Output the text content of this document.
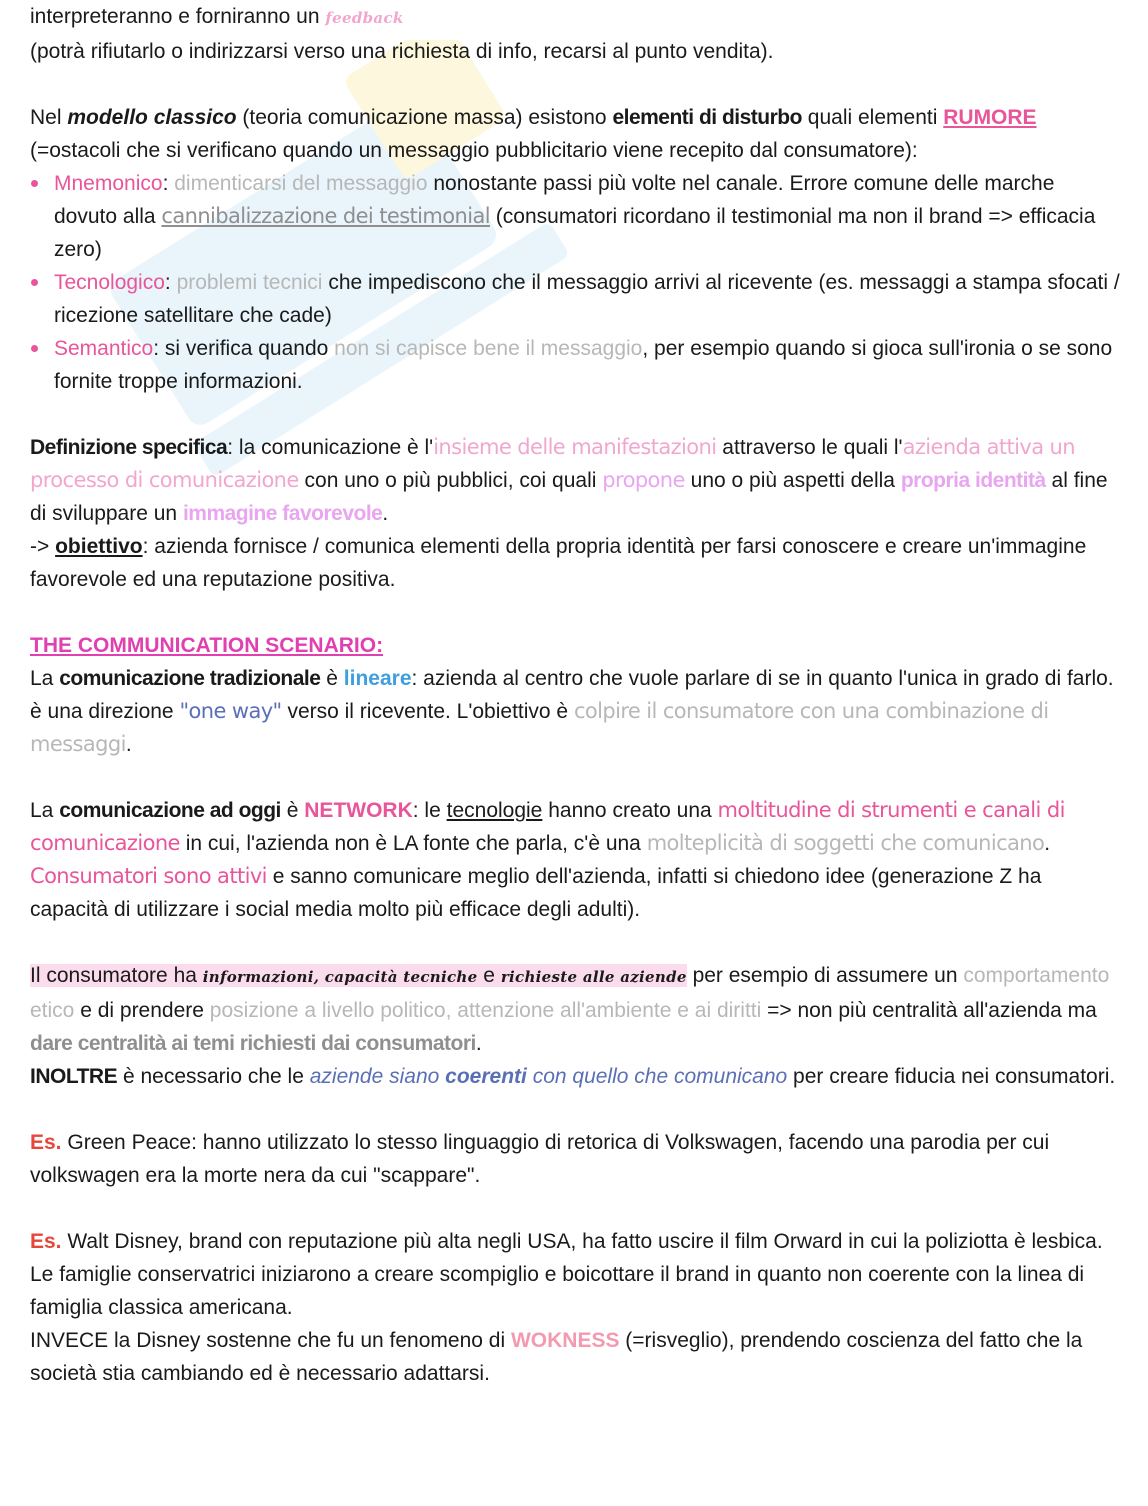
interpreteranno e forniranno un feedback

(potrà rifiutarlo o indirizzarsi verso una richiesta di info, recarsi al punto vendita).

Nel modello classico (teoria comunicazione massa) esistono elementi di disturbo quali elementi RUMORE (=ostacoli che si verificano quando un messaggio pubblicitario viene recepito dal consumatore):

Mnemonico: dimenticarsi del messaggio nonostante passi più volte nel canale. Errore comune delle marche dovuto alla cannibalizzazione dei testimonial (consumatori ricordano il testimonial ma non il brand => efficacia zero)
Tecnologico: problemi tecnici che impediscono che il messaggio arrivi al ricevente (es. messaggi a stampa sfocati / ricezione satellitare che cade)
Semantico: si verifica quando non si capisce bene il messaggio, per esempio quando si gioca sull'ironia o se sono fornite troppe informazioni.

Definizione specifica: la comunicazione è l'insieme delle manifestazioni attraverso le quali l'azienda attiva un processo di comunicazione con uno o più pubblici, coi quali propone uno o più aspetti della propria identità al fine di sviluppare un immagine favorevole.

-> obiettivo: azienda fornisce / comunica elementi della propria identità per farsi conoscere e creare un'immagine favorevole ed una reputazione positiva.

THE COMMUNICATION SCENARIO:

La comunicazione tradizionale è lineare: azienda al centro che vuole parlare di se in quanto l'unica in grado di farlo. è una direzione "one way" verso il ricevente. L'obiettivo è colpire il consumatore con una combinazione di messaggi.

La comunicazione ad oggi è NETWORK: le tecnologie hanno creato una moltitudine di strumenti e canali di comunicazione in cui, l'azienda non è LA fonte che parla, c'è una molteplicità di soggetti che comunicano. Consumatori sono attivi e sanno comunicare meglio dell'azienda, infatti si chiedono idee (generazione Z ha capacità di utilizzare i social media molto più efficace degli adulti).

Il consumatore ha informazioni, capacità tecniche e richieste alle aziende per esempio di assumere un comportamento etico e di prendere posizione a livello politico, attenzione all'ambiente e ai diritti => non più centralità all'azienda ma dare centralità ai temi richiesti dai consumatori.

INOLTRE è necessario che le aziende siano coerenti con quello che comunicano per creare fiducia nei consumatori.

Es. Green Peace: hanno utilizzato lo stesso linguaggio di retorica di Volkswagen, facendo una parodia per cui volkswagen era la morte nera da cui "scappare".

Es. Walt Disney, brand con reputazione più alta negli USA, ha fatto uscire il film Orward in cui la poliziotta è lesbica. Le famiglie conservatrici iniziarono a creare scompiglio e boicottare il brand in quanto non coerente con la linea di famiglia classica americana.

INVECE la Disney sostenne che fu un fenomeno di WOKNESS (=risveglio), prendendo coscienza del fatto che la società stia cambiando ed è necessario adattarsi.
